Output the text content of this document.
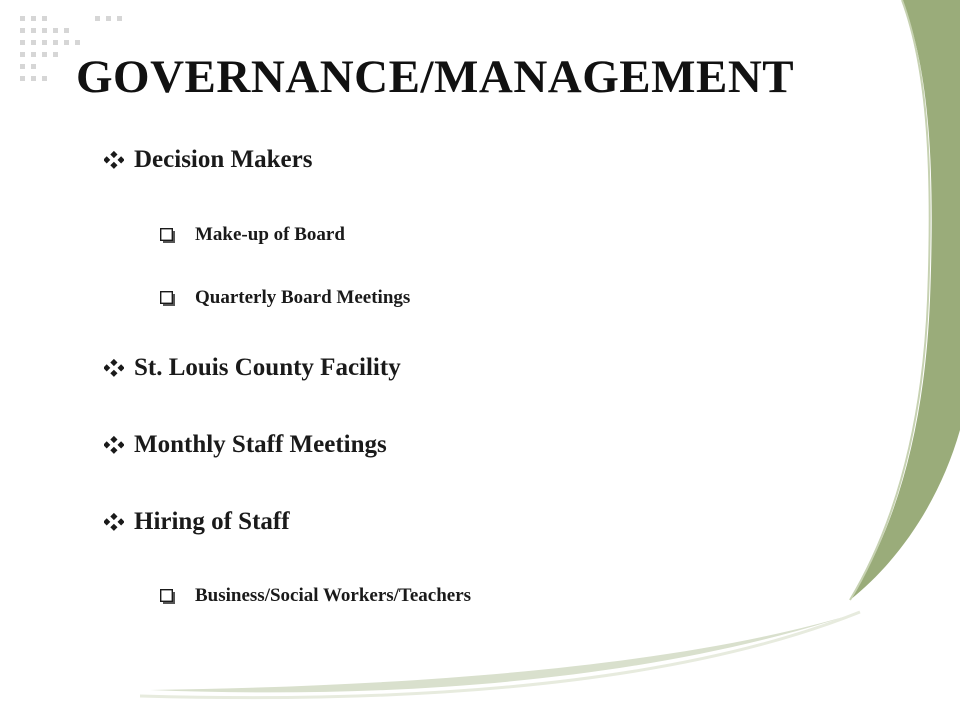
GOVERNANCE/MANAGEMENT
Decision Makers
Make-up of Board
Quarterly Board Meetings
St. Louis County Facility
Monthly Staff Meetings
Hiring of Staff
Business/Social Workers/Teachers
